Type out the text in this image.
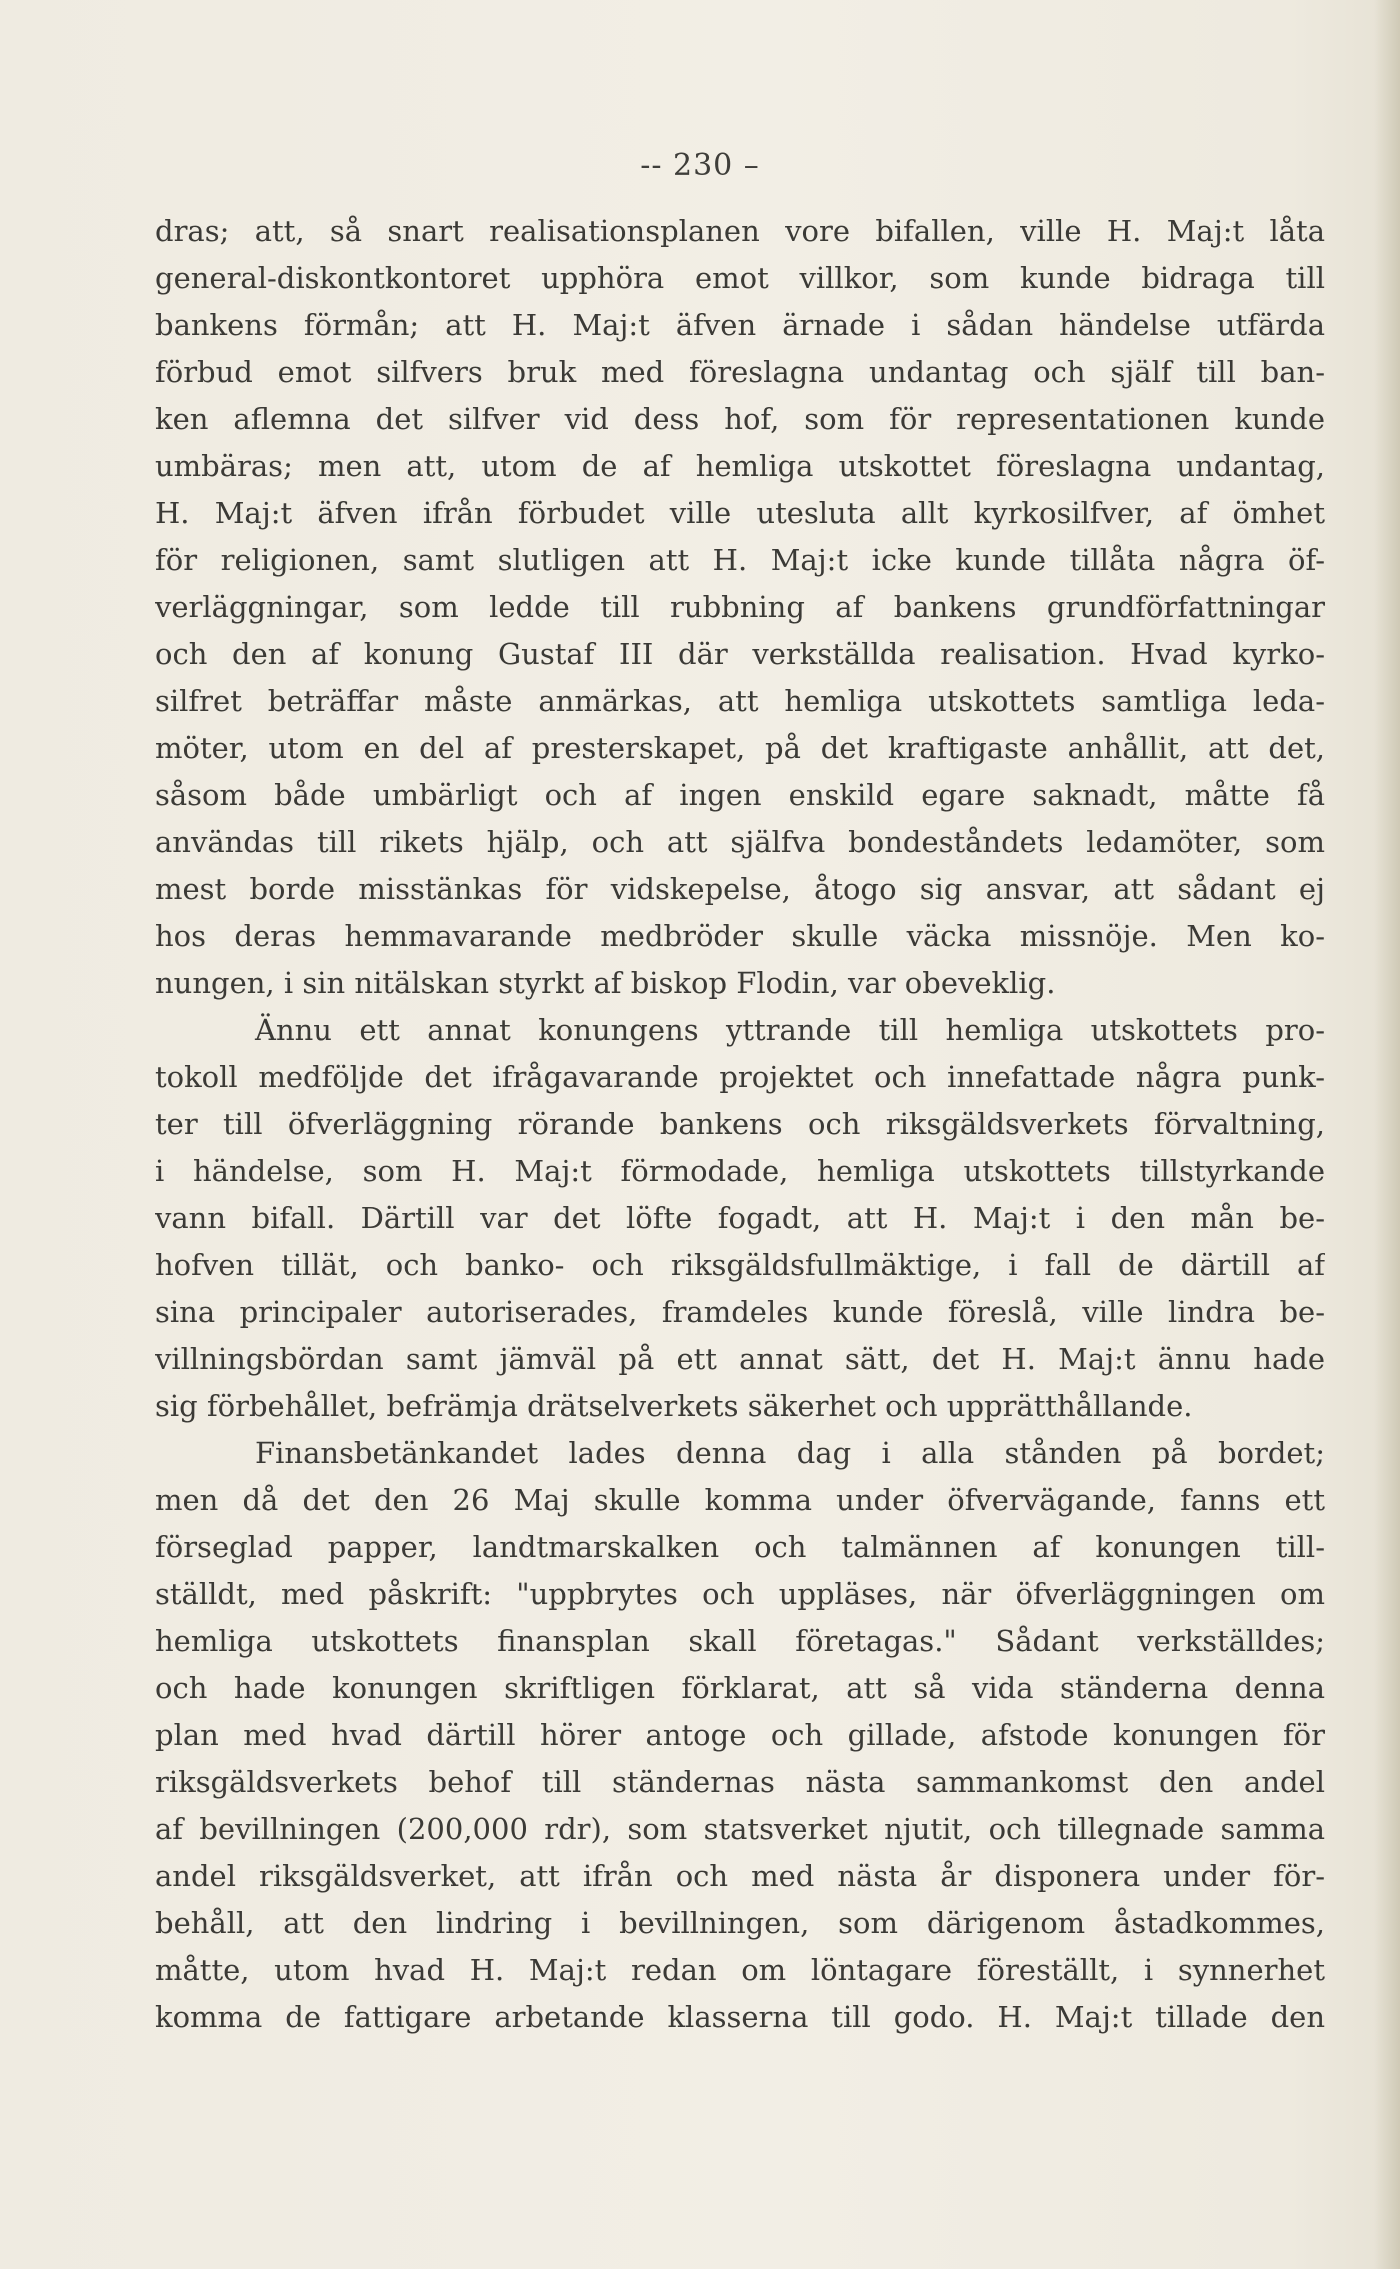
-- 230 –
dras; att, så snart realisationsplanen vore bifallen, ville H. Maj:t låta
general-diskontkontoret upphöra emot villkor, som kunde bidraga till
bankens förmån; att H. Maj:t äfven ärnade i sådan händelse utfärda
förbud emot silfvers bruk med föreslagna undantag och själf till ban-
ken aflemna det silfver vid dess hof, som för representationen kunde
umbäras; men att, utom de af hemliga utskottet föreslagna undantag,
H. Maj:t äfven ifrån förbudet ville utesluta allt kyrkosilfver, af ömhet
för religionen, samt slutligen att H. Maj:t icke kunde tillåta några öf-
verläggningar, som ledde till rubbning af bankens grundförfattningar
och den af konung Gustaf III där verkställda realisation. Hvad kyrko-
silfret beträffar måste anmärkas, att hemliga utskottets samtliga leda-
möter, utom en del af presterskapet, på det kraftigaste anhållit, att det,
såsom både umbärligt och af ingen enskild egare saknadt, måtte få
användas till rikets hjälp, och att själfva bondeståndets ledamöter, som
mest borde misstänkas för vidskepelse, åtogo sig ansvar, att sådant ej
hos deras hemmavarande medbröder skulle väcka missnöje. Men ko-
nungen, i sin nitälskan styrkt af biskop Flodin, var obeveklig.
Ännu ett annat konungens yttrande till hemliga utskottets pro-
tokoll medföljde det ifrågavarande projektet och innefattade några punk-
ter till öfverläggning rörande bankens och riksgäldsverkets förvaltning,
i händelse, som H. Maj:t förmodade, hemliga utskottets tillstyrkande
vann bifall. Därtill var det löfte fogadt, att H. Maj:t i den mån be-
hofven tillät, och banko- och riksgäldsfullmäktige, i fall de därtill af
sina principaler autoriserades, framdeles kunde föreslå, ville lindra be-
villningsbördan samt jämväl på ett annat sätt, det H. Maj:t ännu hade
sig förbehållet, befrämja drätselverkets säkerhet och upprätthållande.
Finansbetänkandet lades denna dag i alla stånden på bordet;
men då det den 26 Maj skulle komma under öfvervägande, fanns ett
förseglad papper, landtmarskalken och talmännen af konungen till-
ställdt, med påskrift: "uppbrytes och uppläses, när öfverläggningen om
hemliga utskottets finansplan skall företagas." Sådant verkställdes;
och hade konungen skriftligen förklarat, att så vida ständerna denna
plan med hvad därtill hörer antoge och gillade, afstode konungen för
riksgäldsverkets behof till ständernas nästa sammankomst den andel
af bevillningen (200,000 rdr), som statsverket njutit, och tillegnade samma
andel riksgäldsverket, att ifrån och med nästa år disponera under för-
behåll, att den lindring i bevillningen, som därigenom åstadkommes,
måtte, utom hvad H. Maj:t redan om löntagare föreställt, i synnerhet
komma de fattigare arbetande klasserna till godo. H. Maj:t tillade den
